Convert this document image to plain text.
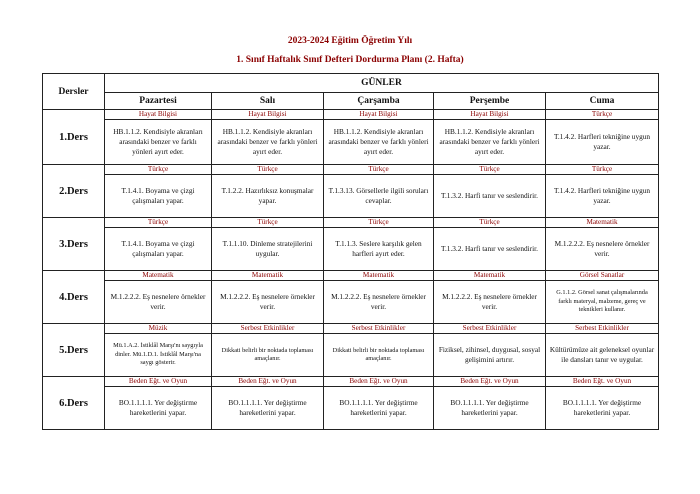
2023-2024 Eğitim Öğretim Yılı
1. Sınıf Haftalık Sınıf Defteri Dordurma Planı (2. Hafta)
Dersler	GÜNLER				
	Pazartesi	Salı	Çarşamba	Perşembe	Cuma
1.Ders	Hayat Bilgisi	Hayat Bilgisi	Hayat Bilgisi	Hayat Bilgisi	Türkçe
	HB.1.1.2. Kendisiyle akranları arasındaki benzer ve farklı yönleri ayırt eder.	HB.1.1.2. Kendisiyle akranları arasındaki benzer ve farklı yönleri ayırt eder.	HB.1.1.2. Kendisiyle akranları arasındaki benzer ve farklı yönleri ayırt eder.	HB.1.1.2. Kendisiyle akranları arasındaki benzer ve farklı yönleri ayırt eder.	T.1.4.2. Harfleri tekniğine uygun yazar.
2.Ders	Türkçe	Türkçe	Türkçe	Türkçe	Türkçe
	T.1.4.1. Boyama ve çizgi çalışmaları yapar.	T.1.2.2. Hazırlıksız konuşmalar yapar.	T.1.3.13. Görsellerle ilgili soruları cevaplar.	T.1.3.2. Harfi tanır ve seslendirir.	T.1.4.2. Harfleri tekniğine uygun yazar.
3.Ders	Türkçe	Türkçe	Türkçe	Türkçe	Matematik
	T.1.4.1. Boyama ve çizgi çalışmaları yapar.	T.1.1.10. Dinleme stratejilerini uygular.	T.1.1.3. Seslere karşılık gelen harfleri ayırt eder.	T.1.3.2. Harfi tanır ve seslendirir.	M.1.2.2.2. Eş nesnelere örnekler verir.
4.Ders	Matematik	Matematik	Matematik	Matematik	Görsel Sanatlar
	M.1.2.2.2. Eş nesnelere örnekler verir.	M.1.2.2.2. Eş nesnelere örnekler verir.	M.1.2.2.2. Eş nesnelere örnekler verir.	M.1.2.2.2. Eş nesnelere örnekler verir.	G.1.1.2. Görsel sanat çalışmalarında farklı materyal, malzeme, gereç ve teknikleri kullanır.
5.Ders	Müzik	Serbest Etkinlikler	Serbest Etkinlikler	Serbest Etkinlikler	Serbest Etkinlikler
	Mü.1.A.2. İstiklâl Marşı'nı saygıyla dinler. Mü.1.D.1. İstiklâl Marşı'na saygı gösterir.	Dikkati belirli bir noktada toplaması amaçlanır.	Dikkati belirli bir noktada toplaması amaçlanır.	Fiziksel, zihinsel, duygusal, sosyal gelişimini artırır.	Kültürümüze ait geleneksel oyunlar ile dansları tanır ve uygular.
6.Ders	Beden Eğt. ve Oyun	Beden Eğt. ve Oyun	Beden Eğt. ve Oyun	Beden Eğt. ve Oyun	Beden Eğt. ve Oyun
	BO.1.1.1.1. Yer değiştirme hareketlerini yapar.	BO.1.1.1.1. Yer değiştirme hareketlerini yapar.	BO.1.1.1.1. Yer değiştirme hareketlerini yapar.	BO.1.1.1.1. Yer değiştirme hareketlerini yapar.	BO.1.1.1.1. Yer değiştirme hareketlerini yapar.
